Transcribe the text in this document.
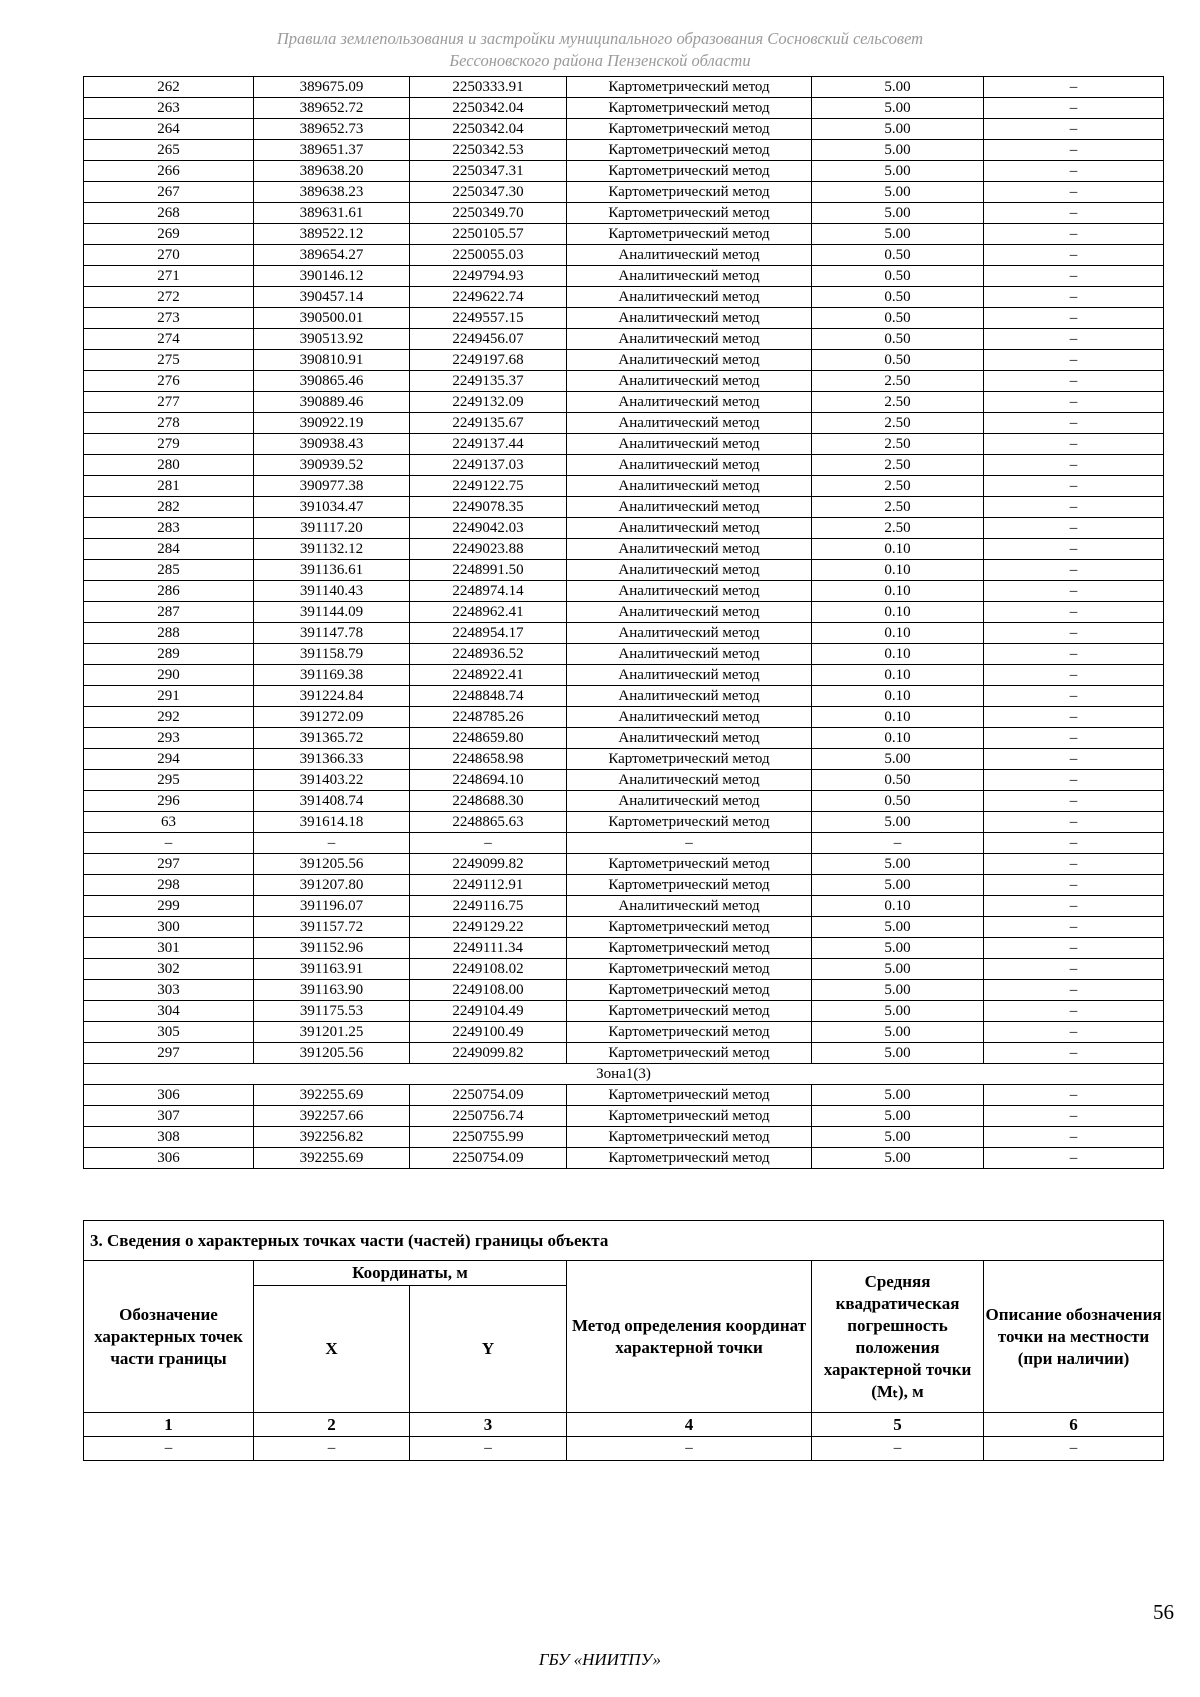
Правила землепользования и застройки муниципального образования Сосновский сельсовет
Бессоновского района Пензенской области
262	389675.09	2250333.91	Картометрический метод	5.00	–
263	389652.72	2250342.04	Картометрический метод	5.00	–
264	389652.73	2250342.04	Картометрический метод	5.00	–
265	389651.37	2250342.53	Картометрический метод	5.00	–
266	389638.20	2250347.31	Картометрический метод	5.00	–
267	389638.23	2250347.30	Картометрический метод	5.00	–
268	389631.61	2250349.70	Картометрический метод	5.00	–
269	389522.12	2250105.57	Картометрический метод	5.00	–
270	389654.27	2250055.03	Аналитический метод	0.50	–
271	390146.12	2249794.93	Аналитический метод	0.50	–
272	390457.14	2249622.74	Аналитический метод	0.50	–
273	390500.01	2249557.15	Аналитический метод	0.50	–
274	390513.92	2249456.07	Аналитический метод	0.50	–
275	390810.91	2249197.68	Аналитический метод	0.50	–
276	390865.46	2249135.37	Аналитический метод	2.50	–
277	390889.46	2249132.09	Аналитический метод	2.50	–
278	390922.19	2249135.67	Аналитический метод	2.50	–
279	390938.43	2249137.44	Аналитический метод	2.50	–
280	390939.52	2249137.03	Аналитический метод	2.50	–
281	390977.38	2249122.75	Аналитический метод	2.50	–
282	391034.47	2249078.35	Аналитический метод	2.50	–
283	391117.20	2249042.03	Аналитический метод	2.50	–
284	391132.12	2249023.88	Аналитический метод	0.10	–
285	391136.61	2248991.50	Аналитический метод	0.10	–
286	391140.43	2248974.14	Аналитический метод	0.10	–
287	391144.09	2248962.41	Аналитический метод	0.10	–
288	391147.78	2248954.17	Аналитический метод	0.10	–
289	391158.79	2248936.52	Аналитический метод	0.10	–
290	391169.38	2248922.41	Аналитический метод	0.10	–
291	391224.84	2248848.74	Аналитический метод	0.10	–
292	391272.09	2248785.26	Аналитический метод	0.10	–
293	391365.72	2248659.80	Аналитический метод	0.10	–
294	391366.33	2248658.98	Картометрический метод	5.00	–
295	391403.22	2248694.10	Аналитический метод	0.50	–
296	391408.74	2248688.30	Аналитический метод	0.50	–
63	391614.18	2248865.63	Картометрический метод	5.00	–
–	–	–	–	–	–
297	391205.56	2249099.82	Картометрический метод	5.00	–
298	391207.80	2249112.91	Картометрический метод	5.00	–
299	391196.07	2249116.75	Аналитический метод	0.10	–
300	391157.72	2249129.22	Картометрический метод	5.00	–
301	391152.96	2249111.34	Картометрический метод	5.00	–
302	391163.91	2249108.02	Картометрический метод	5.00	–
303	391163.90	2249108.00	Картометрический метод	5.00	–
304	391175.53	2249104.49	Картометрический метод	5.00	–
305	391201.25	2249100.49	Картометрический метод	5.00	–
297	391205.56	2249099.82	Картометрический метод	5.00	–
Зона1(3)					
306	392255.69	2250754.09	Картометрический метод	5.00	–
307	392257.66	2250756.74	Картометрический метод	5.00	–
308	392256.82	2250755.99	Картометрический метод	5.00	–
306	392255.69	2250754.09	Картометрический метод	5.00	–
3. Сведения о характерных точках части (частей) границы объекта					
Обозначение характерных точек части границы	Координаты, м		Метод определения координат характерной точки	Средняя квадратическая погрешность положения характерной точки (Mₜ), м	Описание обозначения точки на местности (при наличии)
	X	Y			
1	2	3	4	5	6
–	–	–	–	–	–
56
ГБУ «НИИТПУ»
